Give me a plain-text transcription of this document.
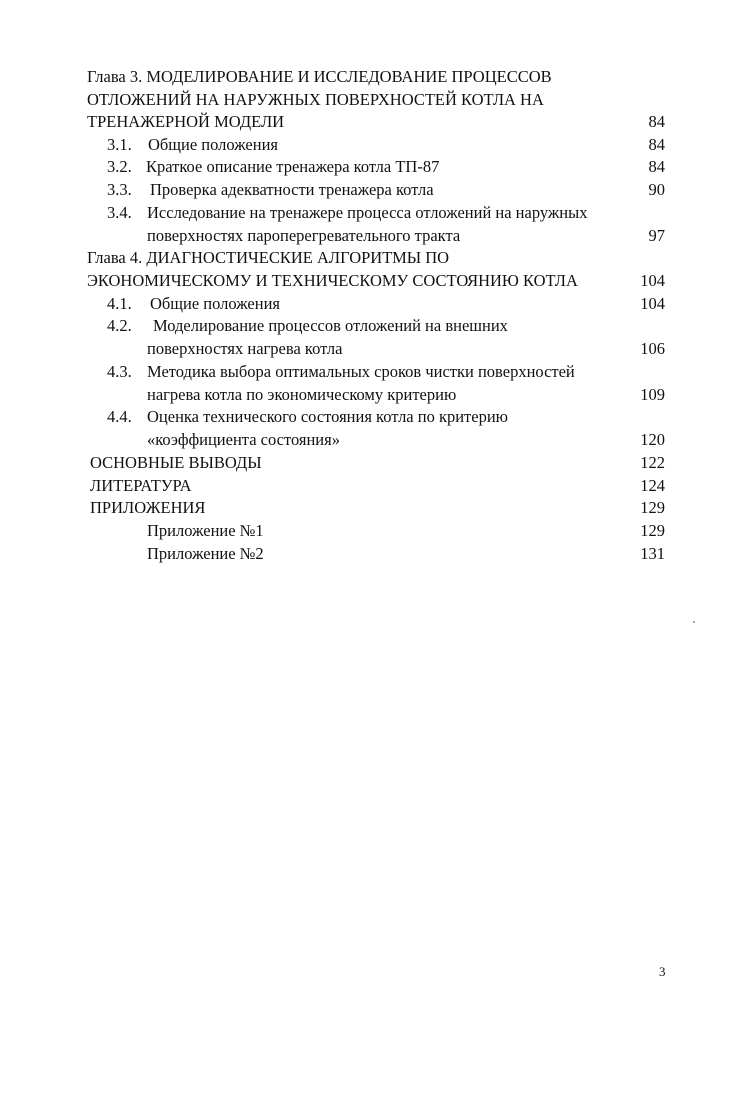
Глава 3. МОДЕЛИРОВАНИЕ И ИССЛЕДОВАНИЕ ПРОЦЕССОВ
ОТЛОЖЕНИЙ НА НАРУЖНЫХ ПОВЕРХНОСТЕЙ КОТЛА НА
ТРЕНАЖЕРНОЙ МОДЕЛИ	84
3.1. Общие положения	84
3.2. Краткое описание тренажера котла ТП-87	84
3.3. Проверка адекватности тренажера котла	90
3.4. Исследование на тренажере процесса отложений на наружных
поверхностях пароперегревательного тракта	97
Глава 4. ДИАГНОСТИЧЕСКИЕ АЛГОРИТМЫ ПО
ЭКОНОМИЧЕСКОМУ И ТЕХНИЧЕСКОМУ СОСТОЯНИЮ КОТЛА	104
4.1. Общие положения	104
4.2. Моделирование процессов отложений на внешних
поверхностях нагрева котла	106
4.3. Методика выбора оптимальных сроков чистки поверхностей
нагрева котла по экономическому критерию	109
4.4. Оценка технического состояния котла по критерию
«коэффициента состояния»	120
ОСНОВНЫЕ ВЫВОДЫ	122
ЛИТЕРАТУРА	124
ПРИЛОЖЕНИЯ	129
Приложение №1	129
Приложение №2	131
3
